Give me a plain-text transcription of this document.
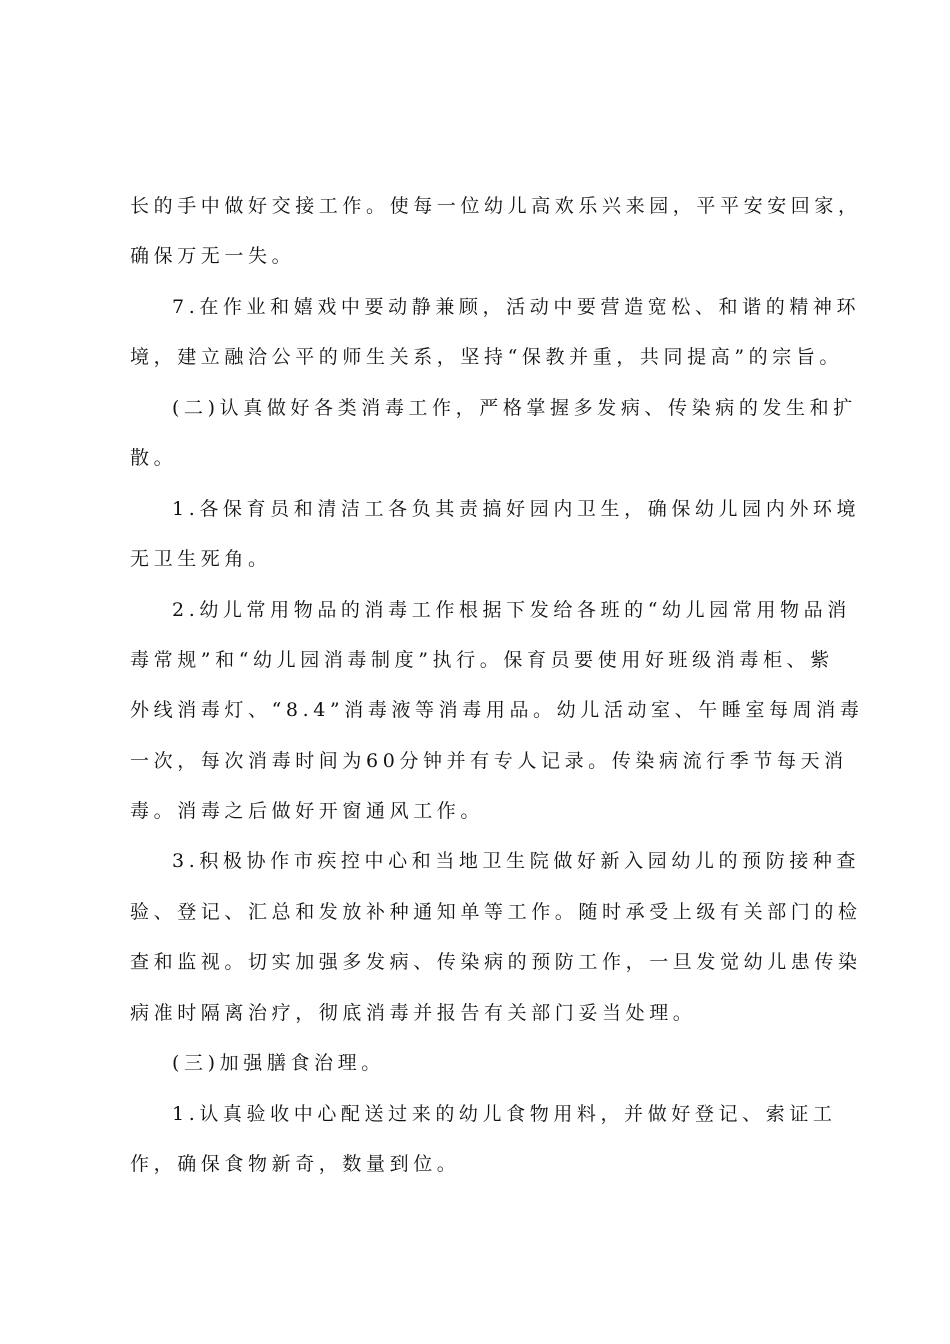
长的手中做好交接工作。使每一位幼儿高欢乐兴来园，平平安安回家，
确保万无一失。
7.在作业和嬉戏中要动静兼顾，活动中要营造宽松、和谐的精神环
境，建立融洽公平的师生关系，坚持“保教并重，共同提高”的宗旨。
(二)认真做好各类消毒工作，严格掌握多发病、传染病的发生和扩
散。
1.各保育员和清洁工各负其责搞好园内卫生，确保幼儿园内外环境
无卫生死角。
2.幼儿常用物品的消毒工作根据下发给各班的“幼儿园常用物品消
毒常规”和“幼儿园消毒制度”执行。保育员要使用好班级消毒柜、紫
外线消毒灯、“8.4”消毒液等消毒用品。幼儿活动室、午睡室每周消毒
一次，每次消毒时间为60分钟并有专人记录。传染病流行季节每天消
毒。消毒之后做好开窗通风工作。
3.积极协作市疾控中心和当地卫生院做好新入园幼儿的预防接种查
验、登记、汇总和发放补种通知单等工作。随时承受上级有关部门的检
查和监视。切实加强多发病、传染病的预防工作，一旦发觉幼儿患传染
病准时隔离治疗，彻底消毒并报告有关部门妥当处理。
(三)加强膳食治理。
1.认真验收中心配送过来的幼儿食物用料，并做好登记、索证工
作，确保食物新奇，数量到位。
